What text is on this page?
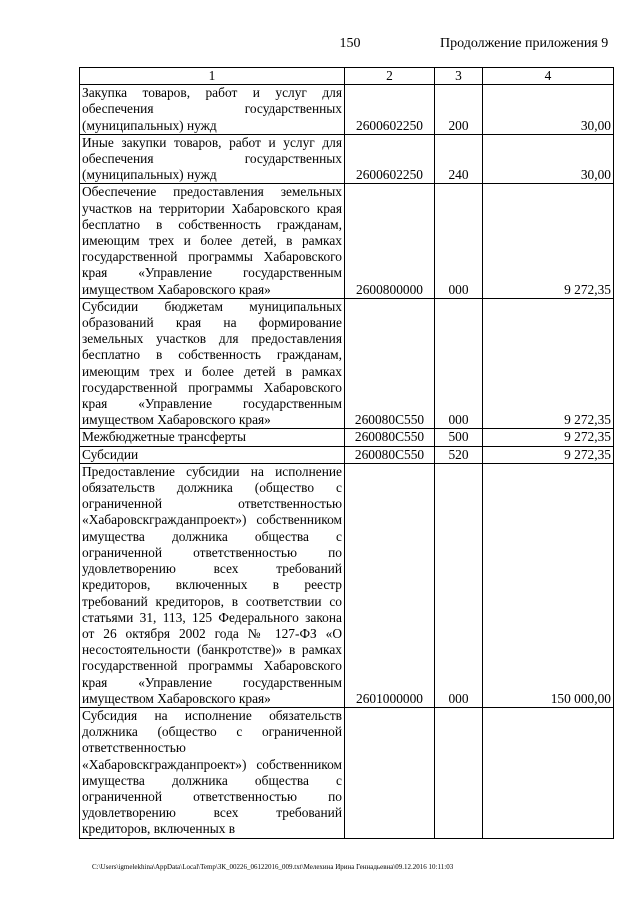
150	Продолжение приложения 9
1	2	3	4
Закупка товаров, работ и услуг для обеспечения государственных (муниципальных) нужд	2600602250	200	30,00
Иные закупки товаров, работ и услуг для обеспечения государственных (муниципальных) нужд	2600602250	240	30,00
Обеспечение предоставления земельных участков на территории Хабаровского края бесплатно в собственность гражданам, имеющим трех и более детей, в рамках государственной программы Хабаровского края «Управление государственным имуществом Хабаровского края»	2600800000	000	9 272,35
Субсидии бюджетам муниципальных образований края на формирование земельных участков для предоставления бесплатно в собственность гражданам, имеющим трех и более детей в рамках государственной программы Хабаровского края «Управление государственным имуществом Хабаровского края»	260080С550	000	9 272,35
Межбюджетные трансферты	260080С550	500	9 272,35
Субсидии	260080С550	520	9 272,35
Предоставление субсидии на исполнение обязательств должника (общество с ограниченной ответственностью «Хабаровскгражданпроект») собственником имущества должника общества с ограниченной ответственностью по удовлетворению всех требований кредиторов, включенных в реестр требований кредиторов, в соответствии со статьями 31, 113, 125 Федерального закона от 26 октября 2002 года № 127-ФЗ «О несостоятельности (банкротстве)» в рамках государственной программы Хабаровского края «Управление государственным имуществом Хабаровского края»	2601000000	000	150 000,00
Субсидия на исполнение обязательств должника (общество с ограниченной ответственностью «Хабаровскгражданпроект») собственником имущества должника общества с ограниченной ответственностью по удовлетворению всех требований кредиторов, включенных в			
C:\Users\igmelekhina\AppData\Local\Temp\ЗК_00226_06122016_009.txt\Мелехина Ирина Геннадьевна\09.12.2016 10:11:03
